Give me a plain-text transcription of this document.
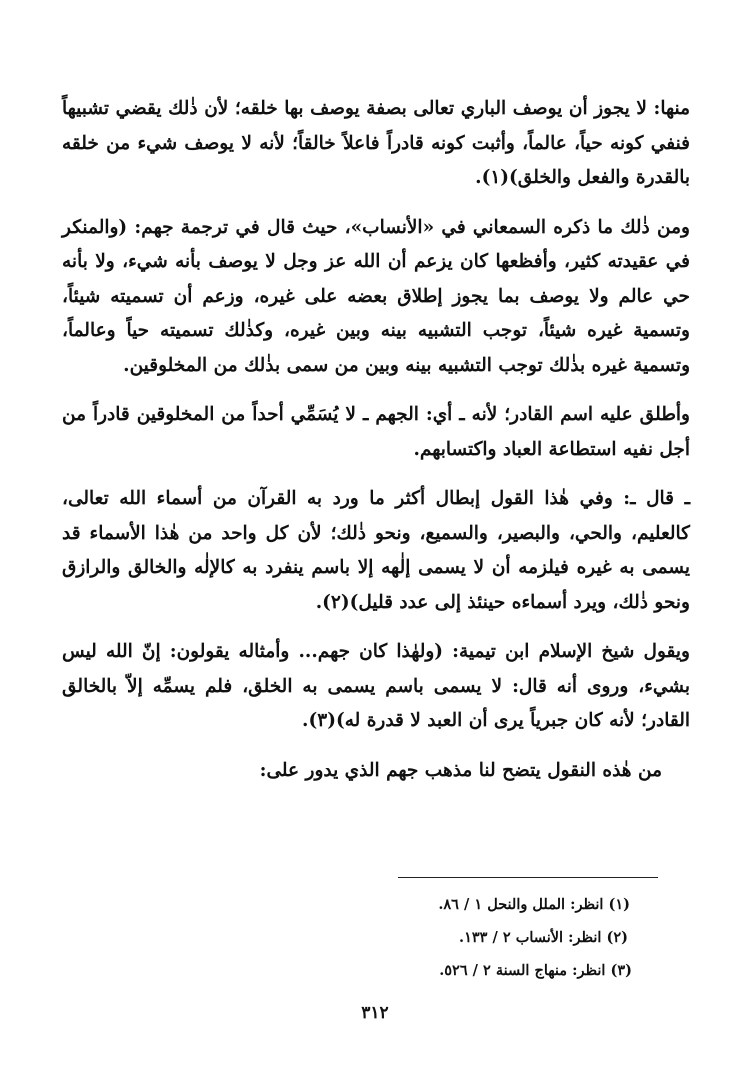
منها: لا يجوز أن يوصف الباري تعالى بصفة يوصف بها خلقه؛ لأن ذٰلك يقضي تشبيهاً فنفي كونه حياً، عالماً، وأثبت كونه قادراً فاعلاً خالقاً؛ لأنه لا يوصف شيء من خلقه بالقدرة والفعل والخلق)(١).

ومن ذٰلك ما ذكره السمعاني في «الأنساب»، حيث قال في ترجمة جهم: (والمنكر في عقيدته كثير، وأفظعها كان يزعم أن الله عز وجل لا يوصف بأنه شيء، ولا بأنه حي عالم ولا يوصف بما يجوز إطلاق بعضه على غيره، وزعم أن تسميته شيئاً، وتسمية غيره شيئاً، توجب التشبيه بينه وبين غيره، وكذٰلك تسميته حياً وعالماً، وتسمية غيره بذٰلك توجب التشبيه بينه وبين من سمى بذٰلك من المخلوقين.

وأطلق عليه اسم القادر؛ لأنه ـ أي: الجهم ـ لا يُسَمِّي أحداً من المخلوقين قادراً من أجل نفيه استطاعة العباد واكتسابهم.

ـ قال ـ: وفي هٰذا القول إبطال أكثر ما ورد به القرآن من أسماء الله تعالى، كالعليم، والحي، والبصير، والسميع، ونحو ذٰلك؛ لأن كل واحد من هٰذا الأسماء قد يسمى به غيره فيلزمه أن لا يسمى إلٰهه إلا باسم ينفرد به كالإلٰه والخالق والرازق ونحو ذٰلك، ويرد أسماءه حينئذ إلى عدد قليل)(٢).

ويقول شيخ الإسلام ابن تيمية: (ولهٰذا كان جهم... وأمثاله يقولون: إنّ الله ليس بشيء، وروى أنه قال: لا يسمى باسم يسمى به الخلق، فلم يسمِّه إلاّ بالخالق القادر؛ لأنه كان جبرياً يرى أن العبد لا قدرة له)(٣).

من هٰذه النقول يتضح لنا مذهب جهم الذي يدور على:

(١) انظر: الملل والنحل ١ / ٨٦.
(٢) انظر: الأنساب ٢ / ١٣٣.
(٣) انظر: منهاج السنة ٢ / ٥٢٦.
٣١٢
